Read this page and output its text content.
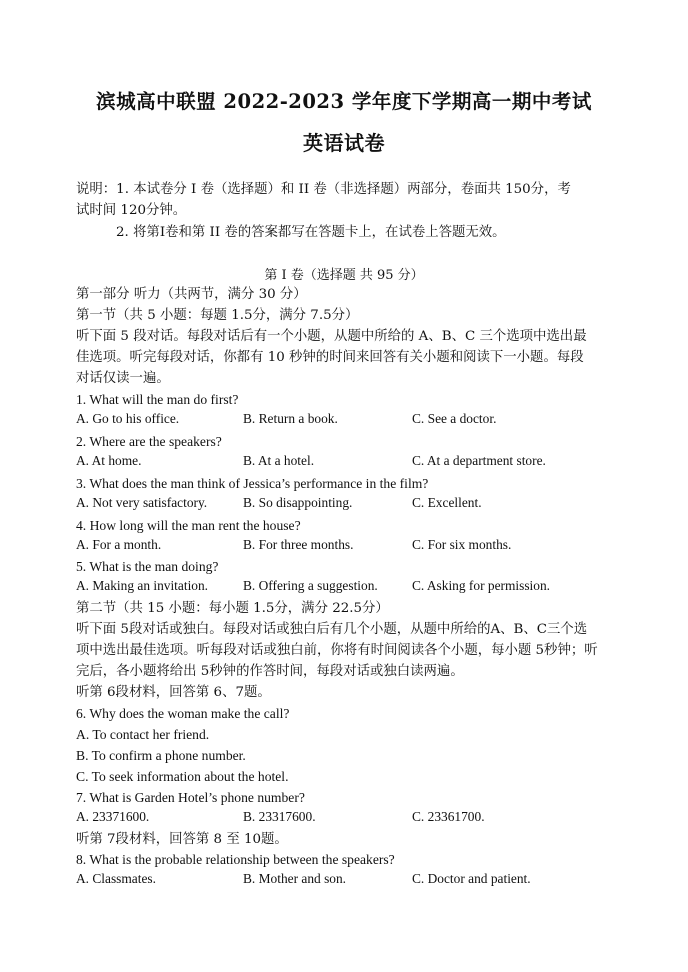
滨城高中联盟 2022-2023 学年度下学期高一期中考试
英语试卷
说明：1. 本试卷分 I 卷（选择题）和 II 卷（非选择题）两部分，卷面共 150分，考
试时间 120分钟。
2. 将第I卷和第 II 卷的答案都写在答题卡上，在试卷上答题无效。
第 I 卷（选择题 共 95 分）
第一部分 听力（共两节，满分 30 分）
第一节（共 5 小题：每题 1.5分，满分 7.5分）
听下面 5 段对话。每段对话后有一个小题，从题中所给的 A、B、C 三个选项中选出最
佳选项。听完每段对话，你都有 10 秒钟的时间来回答有关小题和阅读下一小题。每段
对话仅读一遍。
1. What will the man do first?
A. Go to his office.	B. Return a book.	C. See a doctor.
2. Where are the speakers?
A. At home.	B. At a hotel.	C. At a department store.
3. What does the man think of Jessica’s performance in the film?
A. Not very satisfactory.	B. So disappointing.	C. Excellent.
4. How long will the man rent the house?
A. For a month.	B. For three months.	C. For six months.
5. What is the man doing?
A. Making an invitation.	B. Offering a suggestion.	C. Asking for permission.
第二节（共 15 小题：每小题 1.5分，满分 22.5分）
听下面 5段对话或独白。每段对话或独白后有几个小题，从题中所给的A、B、C三个选
项中选出最佳选项。听每段对话或独白前，你将有时间阅读各个小题，每小题 5秒钟；听
完后，各小题将给出 5秒钟的作答时间，每段对话或独白读两遍。
听第 6段材料，回答第 6、7题。
6. Why does the woman make the call?
A. To contact her friend.
B. To confirm a phone number.
C. To seek information about the hotel.
7. What is Garden Hotel’s phone number?
A. 23371600.	B. 23317600.	C. 23361700.
听第 7段材料，回答第 8 至 10题。
8. What is the probable relationship between the speakers?
A. Classmates.	B. Mother and son.	C. Doctor and patient.
